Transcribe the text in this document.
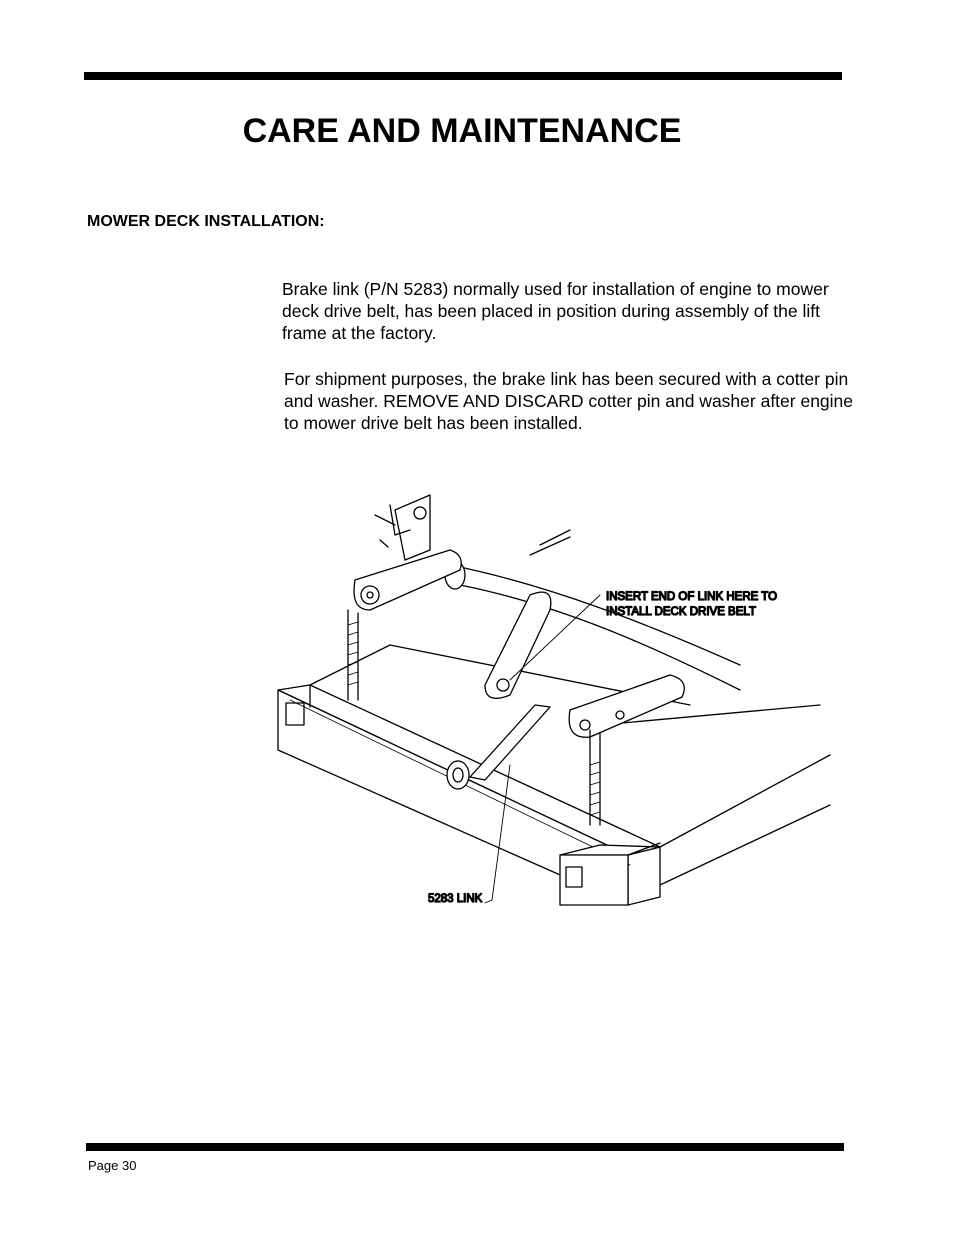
CARE AND MAINTENANCE
MOWER DECK INSTALLATION:
Brake link (P/N 5283) normally used for installation of engine to mower deck drive belt, has been placed in position during assembly of the lift frame at the factory.
For shipment purposes, the brake link has been secured with a cotter pin and washer. REMOVE AND DISCARD cotter pin and washer after engine to mower drive belt has been installed.
INSERT END OF LINK HERE TO
INSTALL DECK DRIVE BELT
5283 LINK
Page 30
